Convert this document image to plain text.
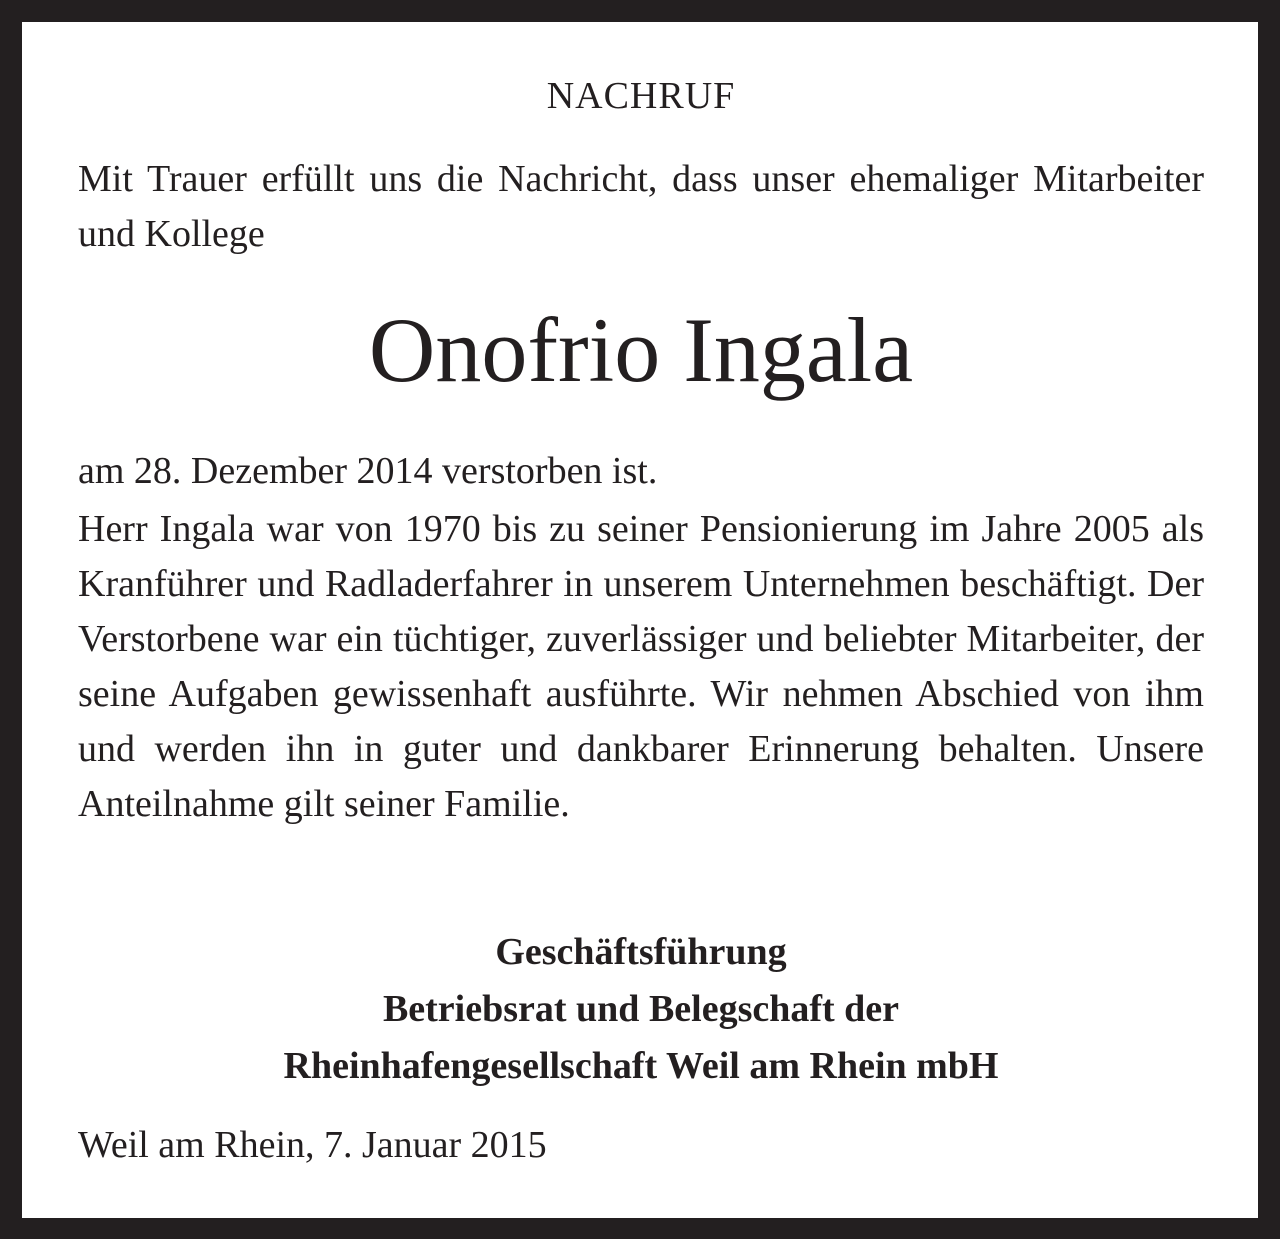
NACHRUF

Mit Trauer erfüllt uns die Nachricht, dass unser ehemaliger Mitarbeiter und Kollege

Onofrio Ingala

am 28. Dezember 2014 verstorben ist.

Herr Ingala war von 1970 bis zu seiner Pensionierung im Jahre 2005 als Kranführer und Radladerfahrer in unserem Unternehmen beschäftigt. Der Verstorbene war ein tüchtiger, zuverlässiger und beliebter Mitarbeiter, der seine Aufgaben gewissenhaft ausführte. Wir nehmen Abschied von ihm und werden ihn in guter und dankbarer Erinnerung behalten. Unsere Anteilnahme gilt seiner Familie.

Geschäftsführung
Betriebsrat und Belegschaft der
Rheinhafengesellschaft Weil am Rhein mbH

Weil am Rhein, 7. Januar 2015
